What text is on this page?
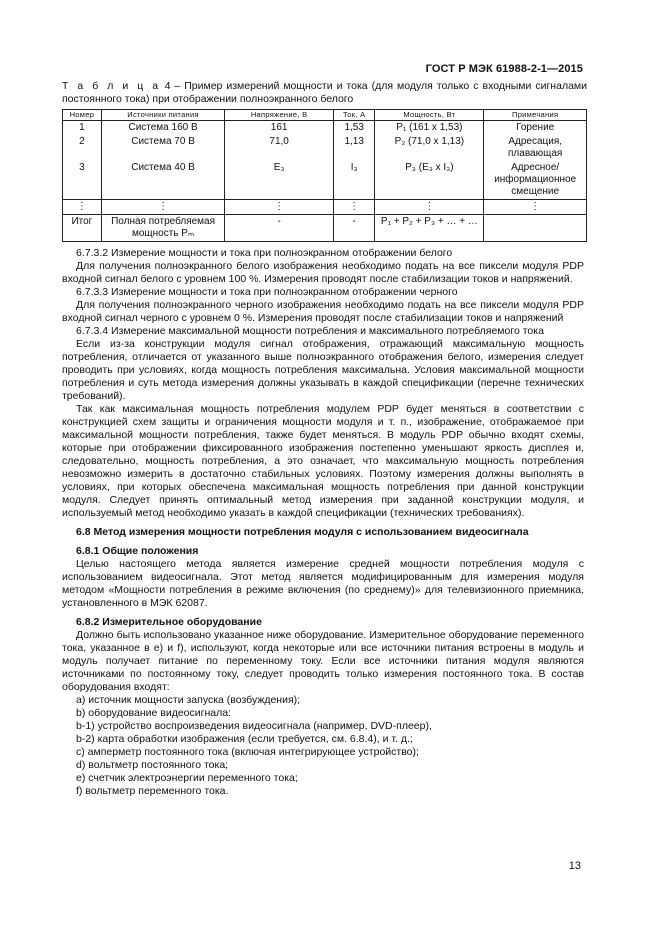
ГОСТ Р МЭК 61988-2-1—2015
Т а б л и ц а 4 – Пример измерений мощности и тока (для модуля только с входными сигналами постоянного тока) при отображении полноэкранного белого
Номер	Источники питания	Напряжение, В	Ток, А	Мощность, Вт	Примечания
1	Система 160 В	161	1,53	P₁ (161 x 1,53)	Горение
2	Система 70 В	71,0	1,13	P₂ (71,0 x 1,13)	Адресация, плавающая
3	Система 40 В	E₃	I₃	P₃ (E₃ x I₃)	Адресное/ информационное смещение
⋮	⋮	⋮	⋮	⋮	⋮
Итог	Полная потребляемая мощность Pₘ	-	-	P₁ + P₂ + P₃ + … + …	

6.7.3.2 Измерение мощности и тока при полноэкранном отображении белого

Для получения полноэкранного белого изображения необходимо подать на все пиксели модуля PDP входной сигнал белого с уровнем 100 %. Измерения проводят после стабилизации токов и напряжений.

6.7.3.3 Измерение мощности и тока при полноэкранном отображении черного

Для получения полноэкранного черного изображения необходимо подать на все пиксели модуля PDP входной сигнал черного с уровнем 0 %. Измерения проводят после стабилизации токов и напряжений

6.7.3.4 Измерение максимальной мощности потребления и максимального потребляемого тока

Если из-за конструкции модуля сигнал отображения, отражающий максимальную мощность потребления, отличается от указанного выше полноэкранного отображения белого, измерения следует проводить при условиях, когда мощность потребления максимальна. Условия максимальной мощности потребления и суть метода измерения должны указывать в каждой спецификации (перечне технических требований).

Так как максимальная мощность потребления модулем PDP будет меняться в соответствии с конструкцией схем защиты и ограничения мощности модуля и т. п., изображение, отображаемое при максимальной мощности потребления, также будет меняться. В модуль PDP обычно входят схемы, которые при отображении фиксированного изображения постепенно уменьшают яркость дисплея и, следовательно, мощность потребления, а это означает, что максимальную мощность потребления невозможно измерить в достаточно стабильных условиях. Поэтому измерения должны выполнять в условиях, при которых обеспечена максимальная мощность потребления при данной конструкции модуля. Следует принять оптимальный метод измерения при заданной конструкции модуля, и используемый метод необходимо указать в каждой спецификации (технических требованиях).

6.8 Метод измерения мощности потребления модуля с использованием видеосигнала

6.8.1 Общие положения

Целью настоящего метода является измерение средней мощности потребления модуля с использованием видеосигнала. Этот метод является модифицированным для измерения модуля методом «Мощности потребления в режиме включения (по среднему)» для телевизионного приемника, установленного в МЭК 62087.

6.8.2 Измерительное оборудование

Должно быть использовано указанное ниже оборудование. Измерительное оборудование переменного тока, указанное в e) и f), используют, когда некоторые или все источники питания встроены в модуль и модуль получает питание по переменному току. Если все источники питания модуля являются источниками по постоянному току, следует проводить только измерения постоянного тока. В состав оборудования входят:

а) источник мощности запуска (возбуждения);

b) оборудование видеосигнала:

b-1) устройство воспроизведения видеосигнала (например, DVD-плеер),

b-2) карта обработки изображения (если требуется, см. 6.8.4), и т. д.;

c) амперметр постоянного тока (включая интегрирующее устройство);

d) вольтметр постоянного тока;

e) счетчик электроэнергии переменного тока;

f) вольтметр переменного тока.

13
